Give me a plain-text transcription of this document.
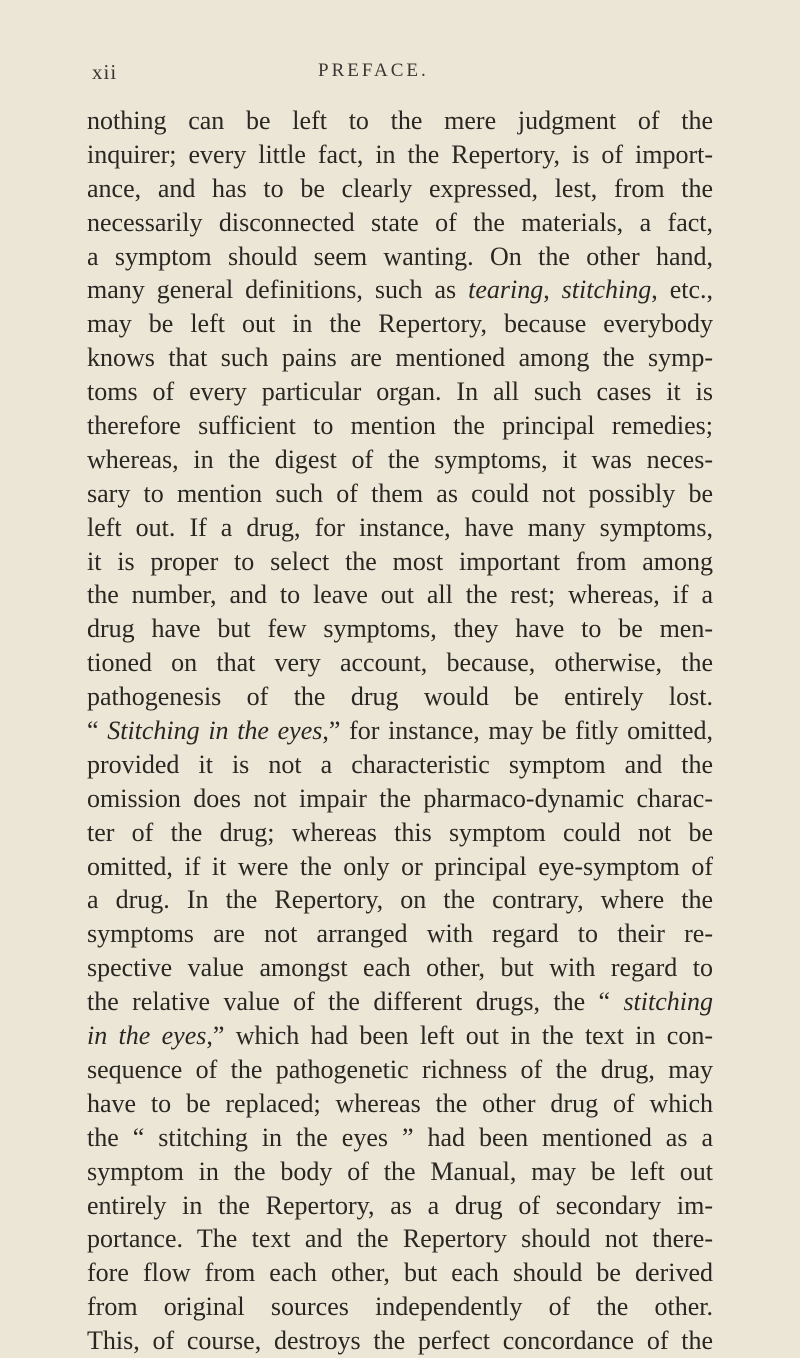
xii	PREFACE.
nothing can be left to the mere judgment of the
inquirer; every little fact, in the Repertory, is of import-
ance, and has to be clearly expressed, lest, from the
necessarily disconnected state of the materials, a fact,
a symptom should seem wanting. On the other hand,
many general definitions, such as tearing, stitching, etc.,
may be left out in the Repertory, because everybody
knows that such pains are mentioned among the symp-
toms of every particular organ. In all such cases it is
therefore sufficient to mention the principal remedies;
whereas, in the digest of the symptoms, it was neces-
sary to mention such of them as could not possibly be
left out. If a drug, for instance, have many symptoms,
it is proper to select the most important from among
the number, and to leave out all the rest; whereas, if a
drug have but few symptoms, they have to be men-
tioned on that very account, because, otherwise, the
pathogenesis of the drug would be entirely lost.
“ Stitching in the eyes,” for instance, may be fitly omitted,
provided it is not a characteristic symptom and the
omission does not impair the pharmaco-dynamic charac-
ter of the drug; whereas this symptom could not be
omitted, if it were the only or principal eye-symptom of
a drug. In the Repertory, on the contrary, where the
symptoms are not arranged with regard to their re-
spective value amongst each other, but with regard to
the relative value of the different drugs, the “ stitching
in the eyes,” which had been left out in the text in con-
sequence of the pathogenetic richness of the drug, may
have to be replaced; whereas the other drug of which
the “ stitching in the eyes ” had been mentioned as a
symptom in the body of the Manual, may be left out
entirely in the Repertory, as a drug of secondary im-
portance. The text and the Repertory should not there-
fore flow from each other, but each should be derived
from original sources independently of the other.
This, of course, destroys the perfect concordance of the
